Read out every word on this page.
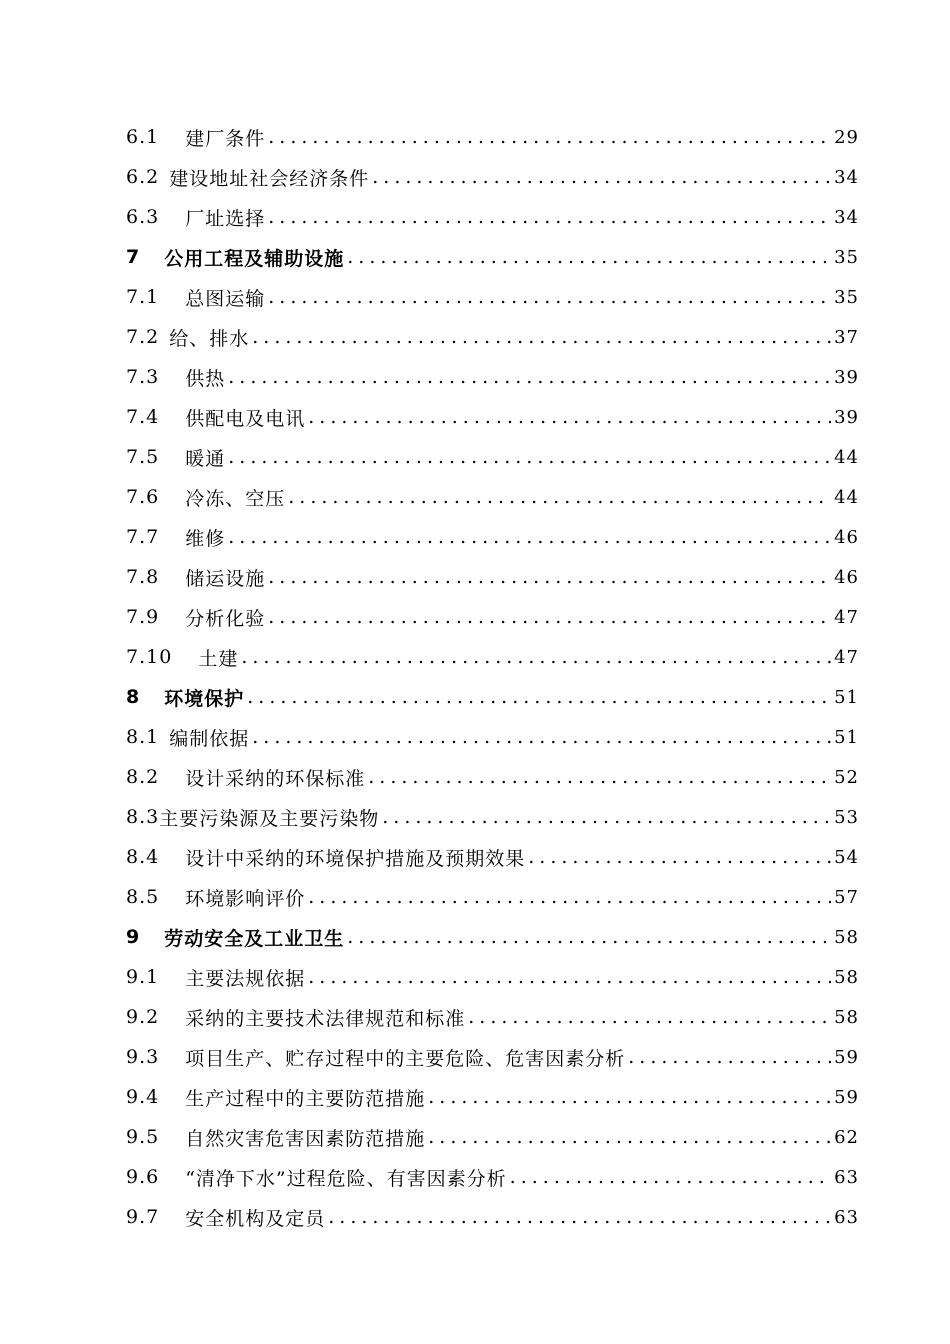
6.1 建厂条件 .....	29
6.2 建设地址社会经济条件 .....	34
6.3 厂址选择 .....	34
7 公用工程及辅助设施 .....	35
7.1 总图运输 .....	35
7.2 给、排水 .....	37
7.3 供热 .....	39
7.4 供配电及电讯 .....	39
7.5 暖通 .....	44
7.6 冷冻、空压 .....	44
7.7 维修 .....	46
7.8 储运设施 .....	46
7.9 分析化验 .....	47
7.10 土建 .....	47
8 环境保护 .....	51
8.1 编制依据 .....	51
8.2 设计采纳的环保标准 .....	52
8.3 主要污染源及主要污染物 .....	53
8.4 设计中采纳的环境保护措施及预期效果 .....	54
8.5 环境影响评价 .....	57
9 劳动安全及工业卫生 .....	58
9.1 主要法规依据 .....	58
9.2 采纳的主要技术法律规范和标准 .....	58
9.3 项目生产、贮存过程中的主要危险、危害因素分析 .....	59
9.4 生产过程中的主要防范措施 .....	59
9.5 自然灾害危害因素防范措施 .....	62
9.6 “清净下水”过程危险、有害因素分析 .....	63
9.7 安全机构及定员 .....	63
